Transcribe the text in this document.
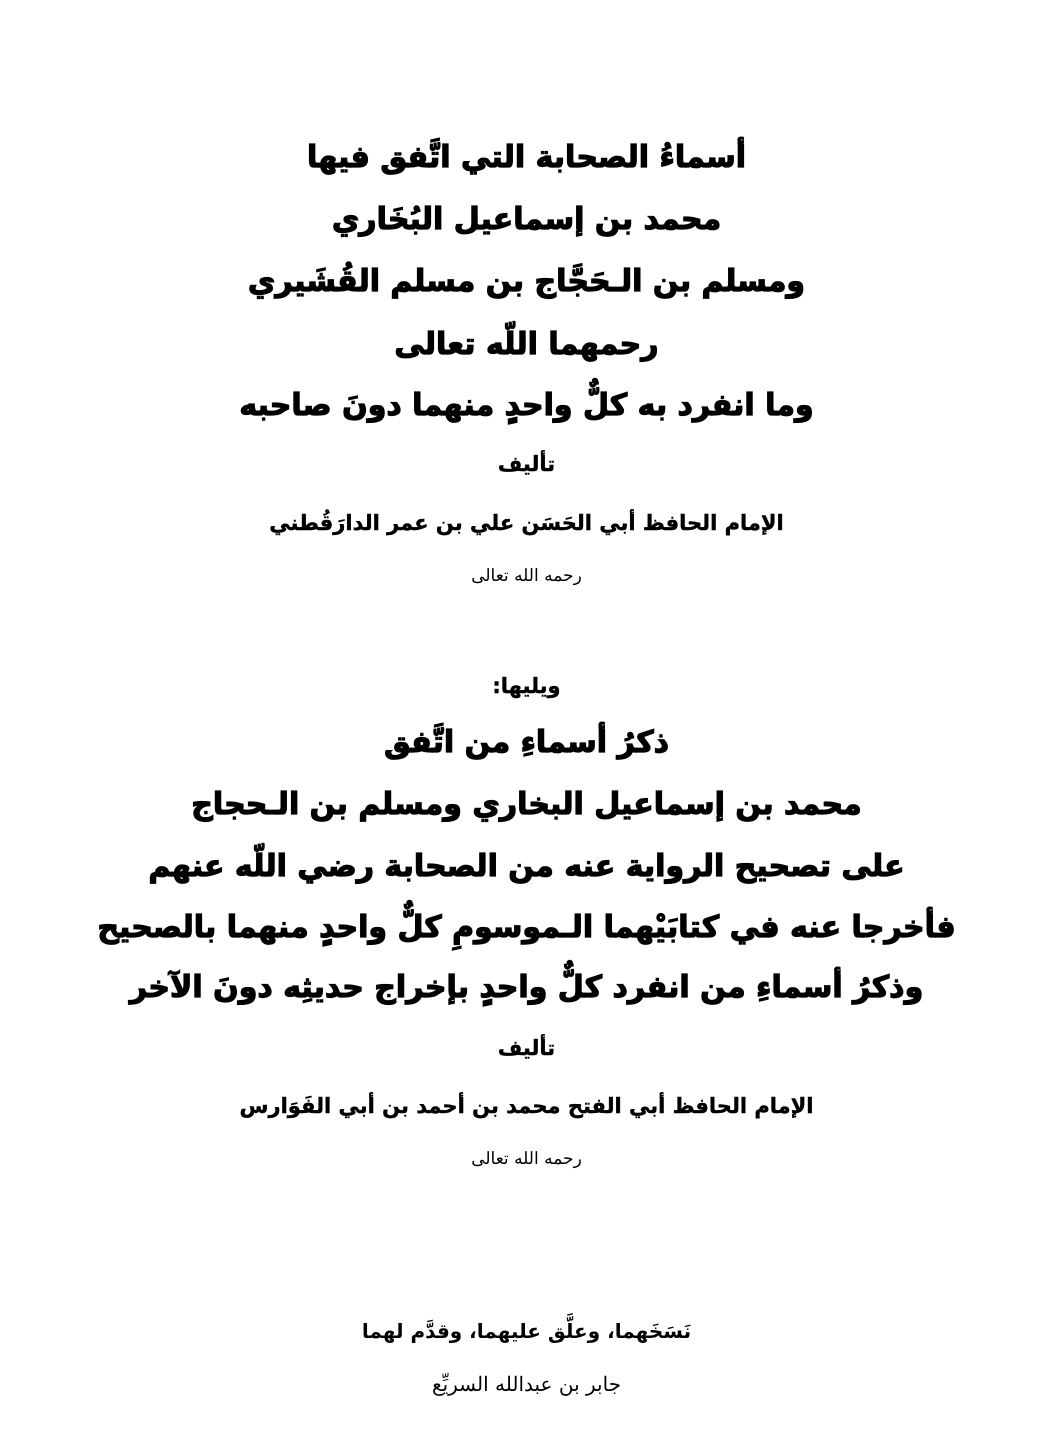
أسماءُ الصحابة التي اتَّفق فيها
محمد بن إسماعيل البُخَاري
ومسلم بن الـحَجَّاج بن مسلم القُشَيري
رحمهما اللّه تعالى
وما انفرد به كلٌّ واحدٍ منهما دونَ صاحبه
تأليف
الإمام الحافظ أبي الحَسَن علي بن عمر الدارَقُطني
رحمه الله تعالى
ويليها:
ذكرُ أسماءِ من اتَّفق
محمد بن إسماعيل البخاري ومسلم بن الـحجاج
على تصحيح الرواية عنه من الصحابة رضي اللّه عنهم
فأخرجا عنه في كتابَيْهما الـموسومِ كلٌّ واحدٍ منهما بالصحيح
وذكرُ أسماءِ من انفرد كلٌّ واحدٍ بإخراج حديثِه دونَ الآخر
تأليف
الإمام الحافظ أبي الفتح محمد بن أحمد بن أبي الفَوَارس
رحمه الله تعالى
نَسَخَهما، وعلَّق عليهما، وقدَّم لهما
جابر بن عبدالله السريِّع
